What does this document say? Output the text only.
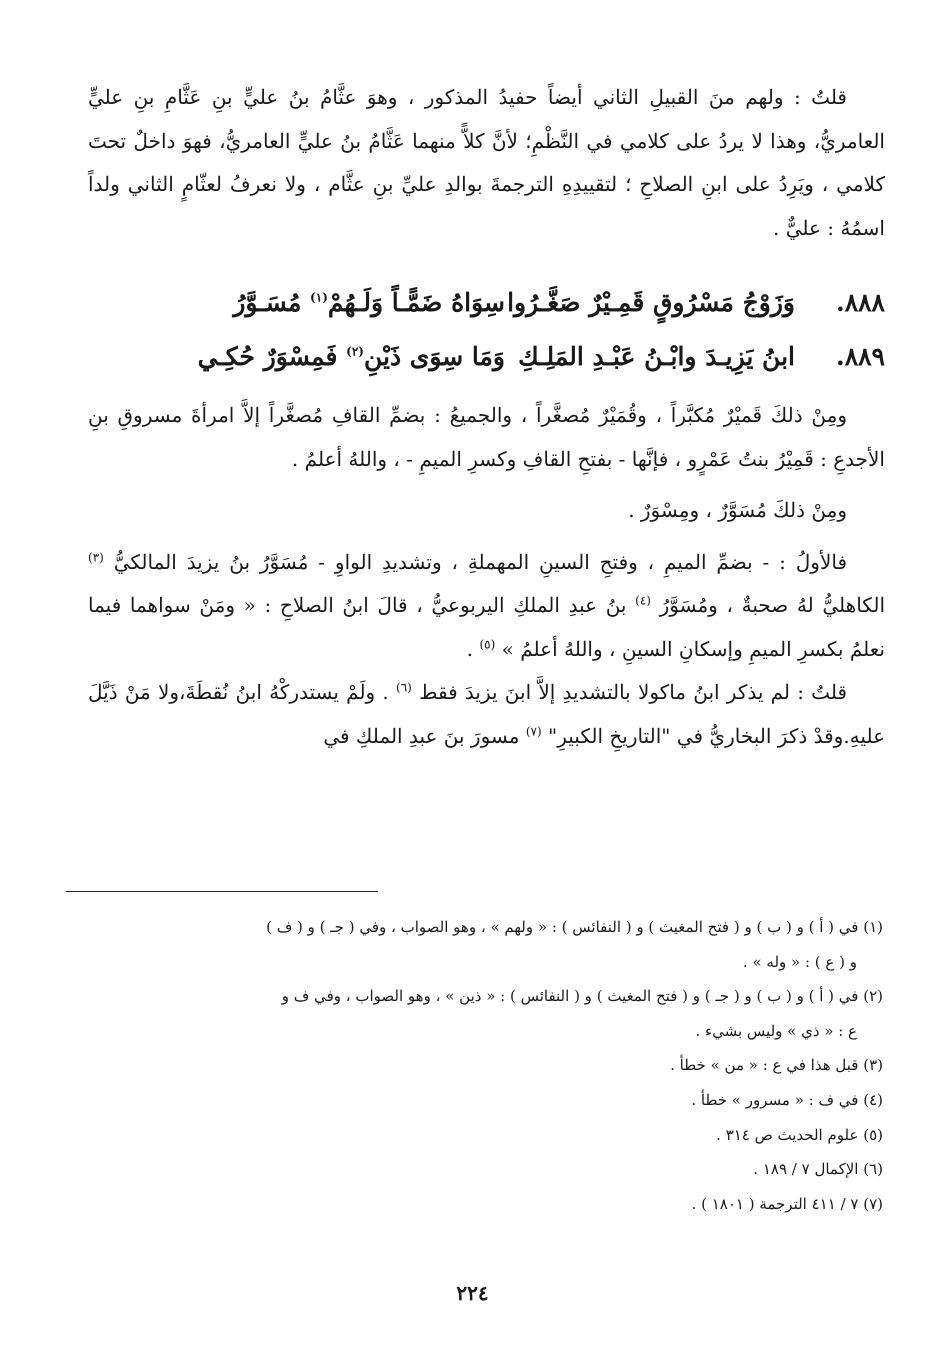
قلتُ : ولهم منَ القبيلِ الثاني أيضاً حفيدُ المذكور ، وهوَ عثَّامُ بنُ عليٍّ بنِ عَثَّامِ بنِ عليٍّ العامريُّ، وهذا لا يردُ على كلامي في النَّظْمِ؛ لأنَّ كلاًّ منهما عَثَّامُ بنُ عليٍّ العامريُّ، فهوَ داخلٌ تحتَ كلامي ، ويَرِدُ على ابنِ الصلاحِ ؛ لتقييدِهِ الترجمةَ بوالدِ عليِّ بنِ عثَّام ، ولا نعرفُ لعثّامٍ الثاني ولداً اسمُهُ : عليٌّ .

٨٨٨.
وَزَوْجُ مَسْرُوقٍ قَمِـيْرٌ صَغَّـرُوا
سِوَاهُ ضَمًّـاً وَلَـهُمْ$^{(١)}$ مُسَـوَّرُ
٨٨٩.
ابنُ يَزِيـدَ وابْـنُ عَبْـدِ المَلِـكِ
وَمَا سِوَى ذَيْنِ$^{(٢)}$ فَمِسْوَرٌ حُكِـي

ومِنْ ذلكَ قَميْرٌ مُكبَّراً ، وقُمَيْرٌ مُصغَّراً ، والجميعُ : بضمِّ القافِ مُصغَّراً إلاَّ امرأةَ مسروقِ بنِ الأجدعِ : قَمِيْرُ بنتُ عَمْرٍو ، فإنَّها - بفتحِ القافِ وكسرِ الميمِ - ، واللهُ أعلمُ .

ومِنْ ذلكَ مُسَوَّرٌ ، ومِسْوَرٌ .

فالأولُ : - بضمِّ الميمِ ، وفتحِ السينِ المهملةِ ، وتشديدِ الواوِ - مُسَوَّرُ بنُ يزيدَ المالكيُّ $^{(٣)}$ الكاهليُّ لهُ صحبةٌ ، ومُسَوَّرُ $^{(٤)}$ بنُ عبدِ الملكِ اليربوعيُّ ، قالَ ابنُ الصلاحِ : « ومَنْ سواهما فيما نعلمُ بكسرِ الميمِ وإسكانِ السينِ ، واللهُ أعلمُ » $^{(٥)}$ .

قلتُ : لم يذكر ابنُ ماكولا بالتشديدِ إلاَّ ابنَ يزيدَ فقط $^{(٦)}$ . ولَمْ يستدركْهُ ابنُ نُقطَةَ،ولا مَنْ ذَيَّلَ عليهِ.وقدْ ذكرَ البخاريُّ في "التاريخِ الكبيرِ" $^{(٧)}$ مسورَ بنَ عبدِ الملكِ في

(١) في ( أ ) و ( ب ) و ( فتح المغيث ) و ( النفائس ) : « ولهم » ، وهو الصواب ، وفي ( جـ ) و ( ف )

و ( ع ) : « وله » .

(٢) في ( أ ) و ( ب ) و ( جـ ) و ( فتح المغيث ) و ( النفائس ) : « ذين » ، وهو الصواب ، وفي ف و

ع : « ذي » وليس بشيء .

(٣) قبل هذا في ع : « من » خطأ .

(٤) في ف : « مسرور » خطأ .

(٥) علوم الحديث ص ٣١٤ .

(٦) الإكمال ٧ / ١٨٩ .

(٧) ٧ / ٤١١ الترجمة ( ١٨٠١ ) .

٢٢٤
